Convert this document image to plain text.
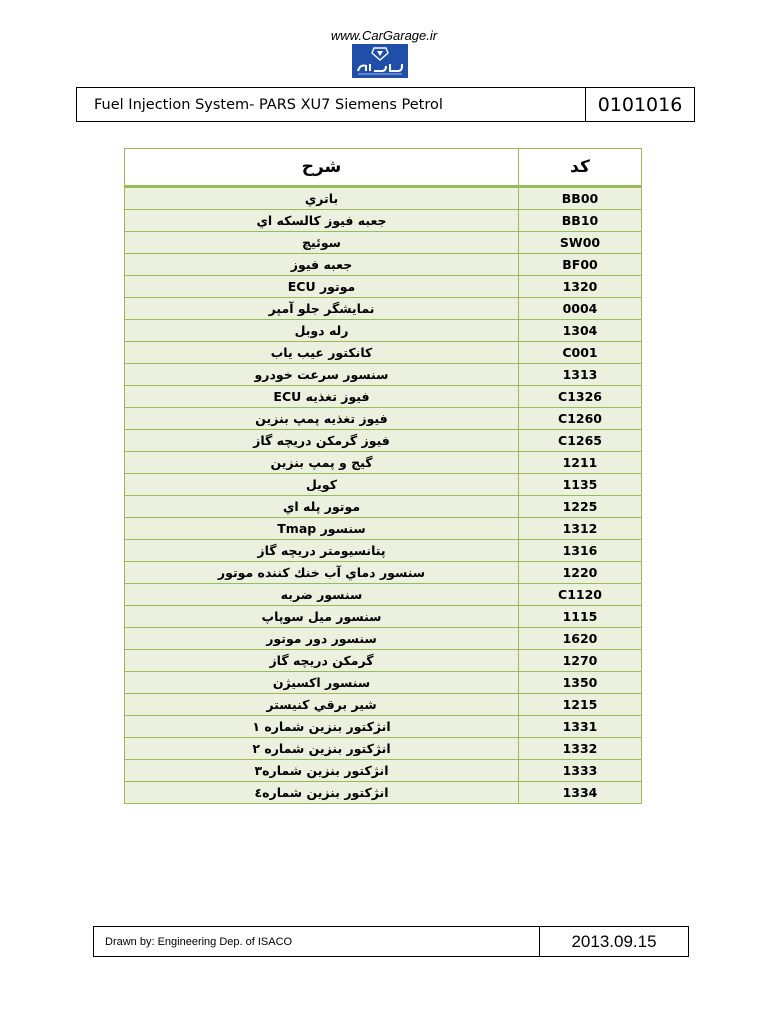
www.CarGarage.ir
Fuel Injection System- PARS XU7 Siemens Petrol	0101016
شرح	کد
باتري	BB00
جعبه فيوز كالسكه اي	BB10
سوئيچ	SW00
جعبه فيوز	BF00
موتور ECU	1320
نمايشگر جلو آمپر	0004
رله دوبل	1304
كانكتور عيب ياب	C001
سنسور سرعت خودرو	1313
فيوز تغذيه ECU	C1326
فيوز تغذيه پمپ بنزين	C1260
فيوز گرمكن دريچه گاز	C1265
گيج و پمپ بنزين	1211
كويل	1135
موتور پله اي	1225
سنسور Tmap	1312
پتانسيومتر دريچه گاز	1316
سنسور دماي آب خنك كننده موتور	1220
سنسور ضربه	C1120
سنسور ميل سوپاپ	1115
سنسور دور موتور	1620
گرمكن دريچه گاز	1270
سنسور اكسيژن	1350
شير برقي كنيستر	1215
انژكتور بنزين شماره ١	1331
انژكتور بنزين شماره ٢	1332
انژكتور بنزين شماره٣	1333
انژكتور بنزين شماره٤	1334
Drawn by: Engineering Dep. of ISACO	2013.09.15
